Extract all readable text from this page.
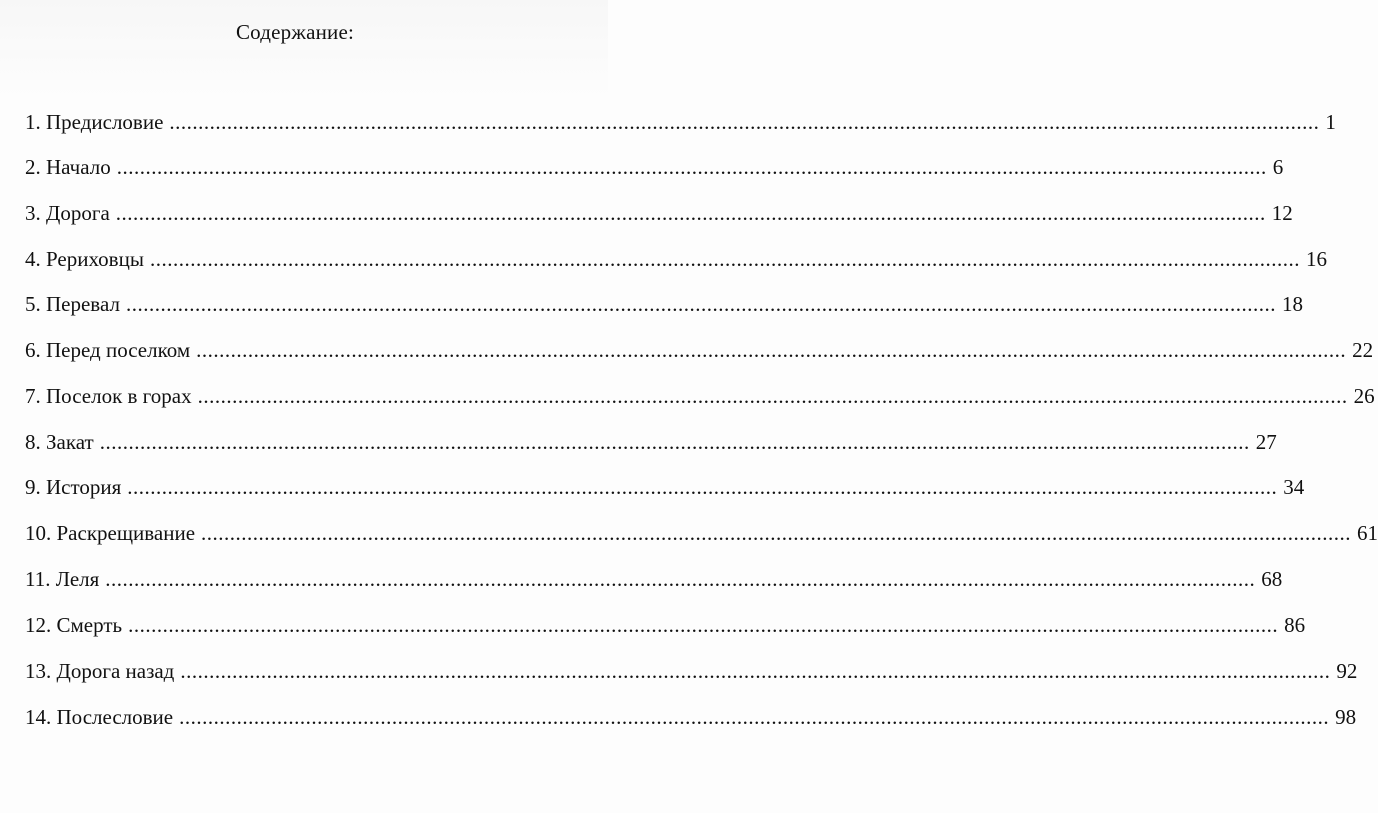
Содержание:
1. Предисловие ........................................................................................................................................................................................................ 1
2. Начало ........................................................................................................................................................................................................ 6
3. Дорога ........................................................................................................................................................................................................ 12
4. Рериховцы ........................................................................................................................................................................................................ 16
5. Перевал ........................................................................................................................................................................................................ 18
6. Перед поселком ........................................................................................................................................................................................................ 22
7. Поселок в горах ........................................................................................................................................................................................................ 26
8. Закат ........................................................................................................................................................................................................ 27
9. История ........................................................................................................................................................................................................ 34
10. Раскрещивание ........................................................................................................................................................................................................ 61
11. Леля ........................................................................................................................................................................................................ 68
12. Смерть ........................................................................................................................................................................................................ 86
13. Дорога назад ........................................................................................................................................................................................................ 92
14. Послесловие ........................................................................................................................................................................................................ 98
